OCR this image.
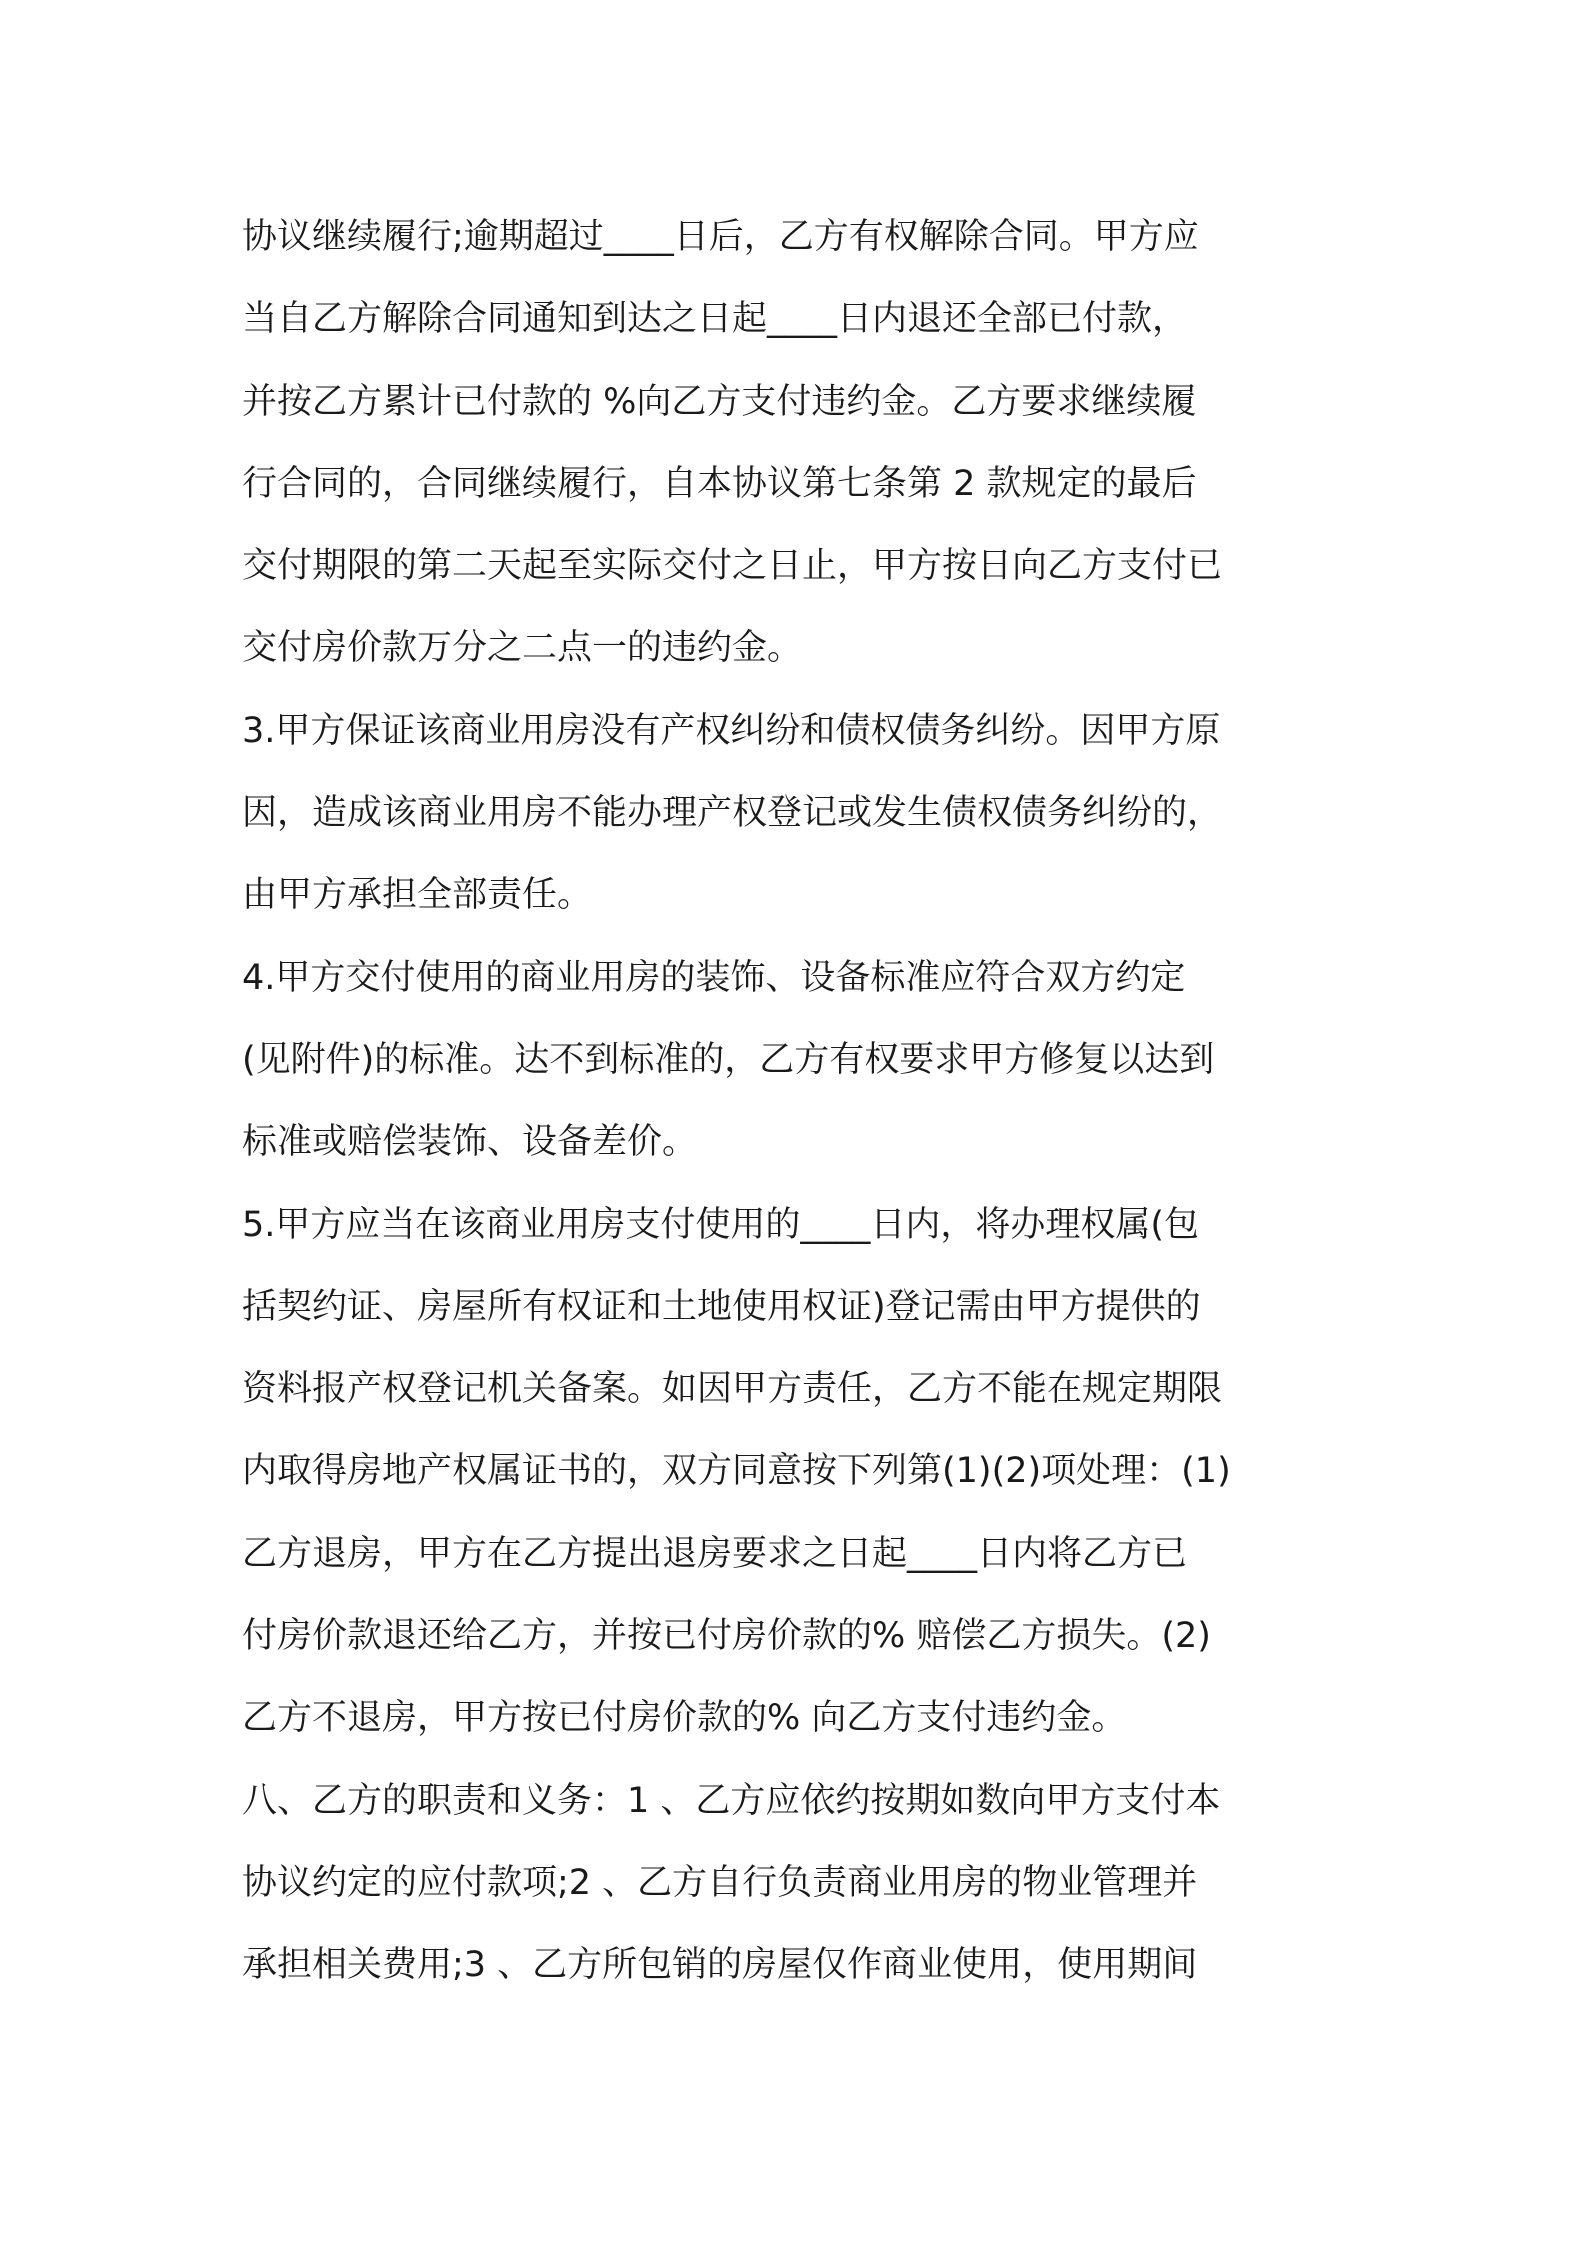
协议继续履行;逾期超过____日后，乙方有权解除合同。甲方应
当自乙方解除合同通知到达之日起____日内退还全部已付款，
并按乙方累计已付款的 %向乙方支付违约金。乙方要求继续履
行合同的，合同继续履行，自本协议第七条第 2 款规定的最后
交付期限的第二天起至实际交付之日止，甲方按日向乙方支付已
交付房价款万分之二点一的违约金。
3.甲方保证该商业用房没有产权纠纷和债权债务纠纷。因甲方原
因，造成该商业用房不能办理产权登记或发生债权债务纠纷的，
由甲方承担全部责任。
4.甲方交付使用的商业用房的装饰、设备标准应符合双方约定
(见附件)的标准。达不到标准的，乙方有权要求甲方修复以达到
标准或赔偿装饰、设备差价。
5.甲方应当在该商业用房支付使用的____日内，将办理权属(包
括契约证、房屋所有权证和土地使用权证)登记需由甲方提供的
资料报产权登记机关备案。如因甲方责任，乙方不能在规定期限
内取得房地产权属证书的，双方同意按下列第(1)(2)项处理：(1)
乙方退房，甲方在乙方提出退房要求之日起____日内将乙方已
付房价款退还给乙方，并按已付房价款的% 赔偿乙方损失。(2)
乙方不退房，甲方按已付房价款的% 向乙方支付违约金。
八、乙方的职责和义务：1 、乙方应依约按期如数向甲方支付本
协议约定的应付款项;2 、乙方自行负责商业用房的物业管理并
承担相关费用;3 、乙方所包销的房屋仅作商业使用，使用期间
